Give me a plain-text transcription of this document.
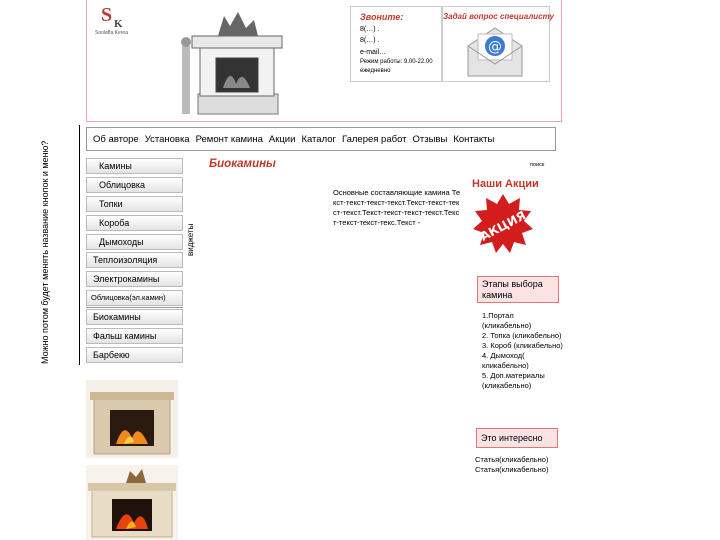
Можно потом будет менять название кнопок и меню?
S K
Soolaffa Kereа
Звоните:
8(…) .
8(…) .
e-mail…
Режим работы: 9.00-22.00
ежедневно
Задай вопрос специалисту
@
Об авторе Установка Ремонт камина Акции Каталог Галерея работ Отзывы Контакты
Камины
Облицовка
Топки
Короба
Дымоходы
Теплоизоляция
Электрокамины
Облицовка(эл.камин)
Биокамины
Фальш камины
Барбекю
виджеты
Биокамины	поиск
Основные составляющие камина Текст-текст-текст-текст.Текст-текст-текст-текст.Текст-текст-текст-текст.Текст-текст-текст-текс.Текст -
Наши Акции
АКЦИЯ
Этапы выбора камина
1.Портал (кликабельно)
2. Топка (кликабельно)
3. Короб (кликабельно)
4. Дымоход( кликабельно)
5. Доп.материалы (кликабельно)
Это интересно
Статья(кликабельно)
Статья(кликабельно)
